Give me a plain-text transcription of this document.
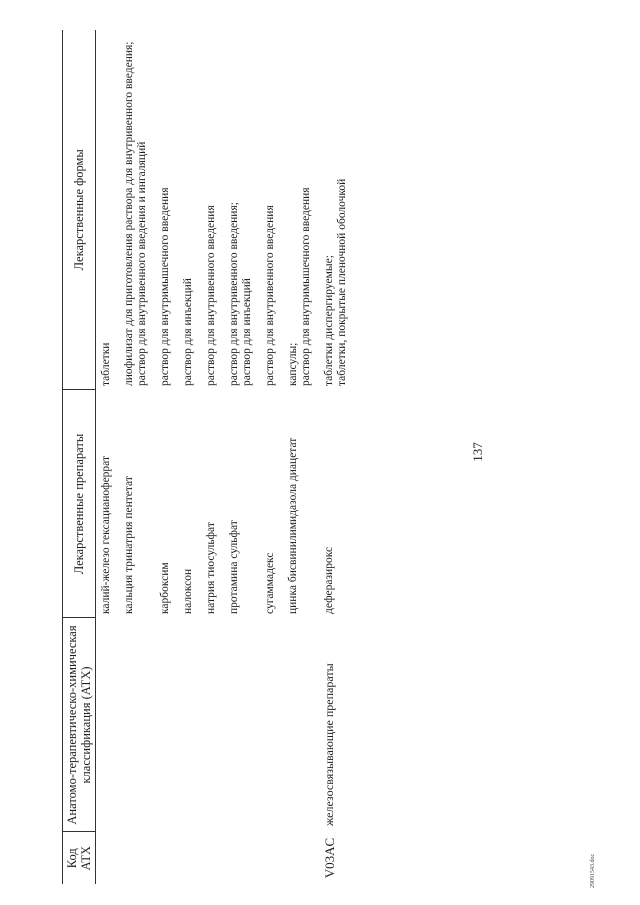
137
29091543.doc
Код АТХ	Анатомо-терапевтическо-химическая классификация (АТХ)	Лекарственные препараты	Лекарственные формы
		калий-железо гексацианоферрат	таблетки
		кальция тринатрия пентетат	лиофилизат для приготовления раствора для внутривенного введения;
раствор для внутривенного введения и ингаляций
		карбоксим	раствор для внутримышечного введения
		налоксон	раствор для инъекций
		натрия тиосульфат	раствор для внутривенного введения
		протамина сульфат	раствор для внутривенного введения;
раствор для инъекций
		сугаммадекс	раствор для внутривенного введения
		цинка бисвинилимидазола диацетат	капсулы;
раствор для внутримышечного введения
V03AC	железосвязывающие препараты	деферазирокс	таблетки диспергируемые;
таблетки, покрытые пленочной оболочкой
